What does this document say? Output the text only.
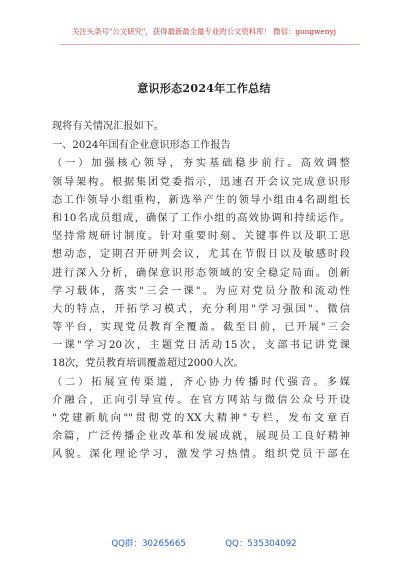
关注头条号"公文研究"，获得最新最全最专业的公文资料库！ 微信：gongwenyj
意识形态2024年工作总结
现将有关情况汇报如下。
一、2024年国有企业意识形态工作报告
（一）加强核心领导，夯实基础稳步前行。高效调整
领导架构。根据集团党委指示，迅速召开会议完成意识形
态工作领导小组重构，新选举产生的领导小组由4名副组长
和10名成员组成，确保了工作小组的高效协调和持续运作。
坚持常规研讨制度。针对重要时刻、关键事件以及职工思
想动态，定期召开研判会议，尤其在节假日以及敏感时段
进行深入分析，确保意识形态领域的安全稳定局面。创新
学习载体，落实"三会一课"。为应对党员分散和流动性
大的特点，开拓学习模式，充分利用"学习强国"、微信
等平台，实现党员教育全覆盖。截至目前，已开展"三会
一课"学习20次，主题党日活动15次，支部书记讲党课
18次，党员教育培训覆盖超过2000人次。
（二）拓展宣传渠道，齐心协力传播时代强音。多媒
介融合，正向引导宣传。在官方网站与微信公众号开设
"党建新航向""贯彻党的XX大精神"专栏，发布文章百
余篇，广泛传播企业改革和发展成就，展现员工良好精神
风貌。深化理论学习，激发学习热情。组织党员干部在
QQ群：30265665	QQ：535304092
